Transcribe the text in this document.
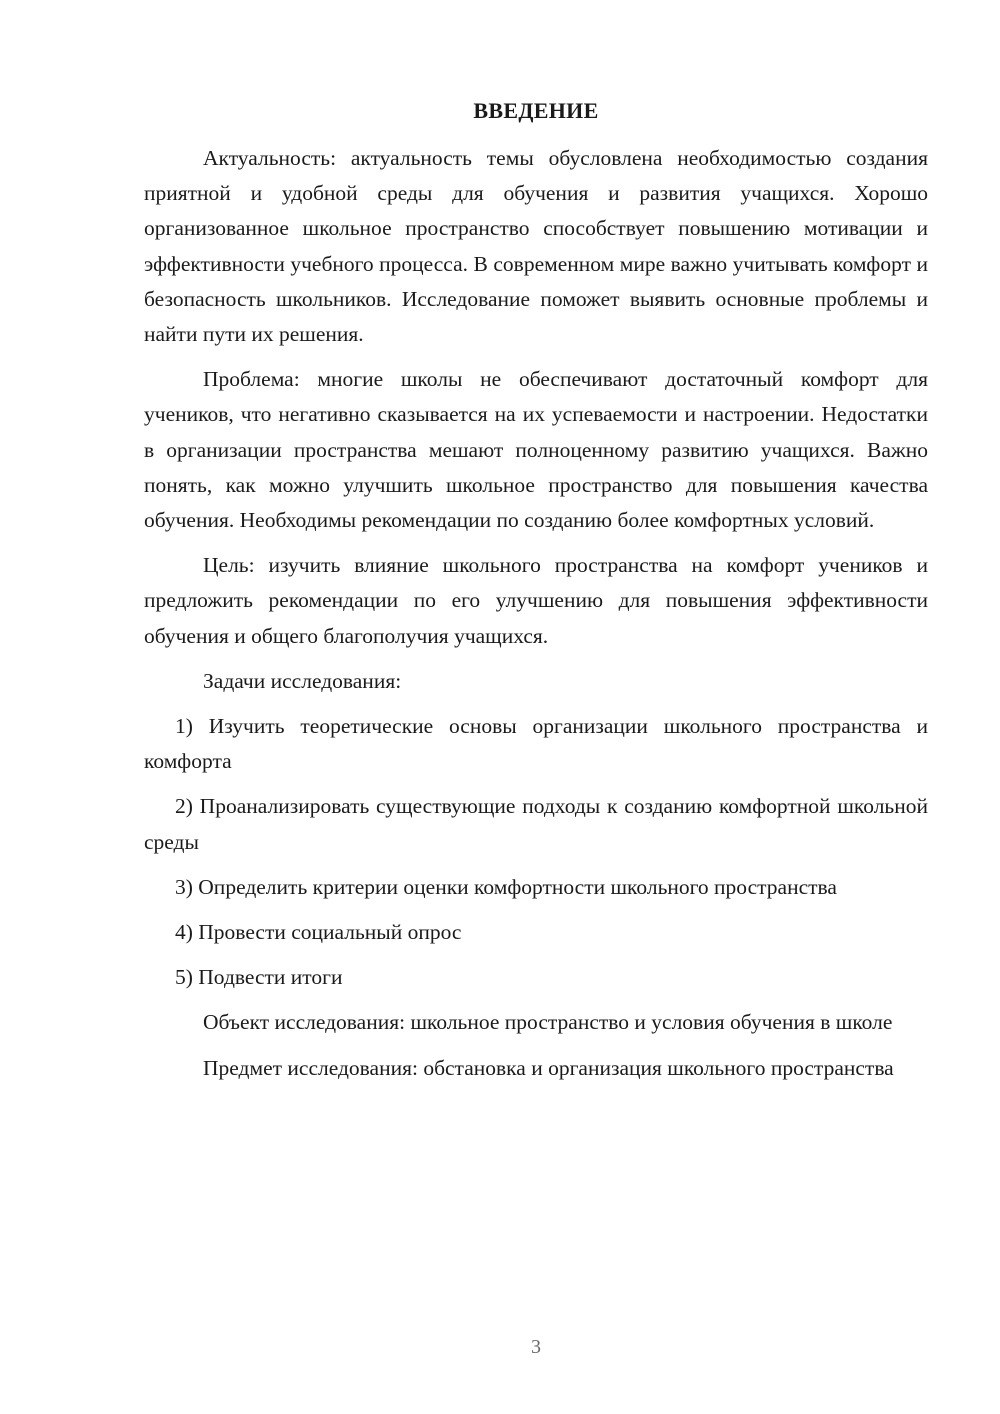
ВВЕДЕНИЕ

Актуальность: актуальность темы обусловлена необходимостью создания приятной и удобной среды для обучения и развития учащихся. Хорошо организованное школьное пространство способствует повышению мотивации и эффективности учебного процесса. В современном мире важно учитывать комфорт и безопасность школьников. Исследование поможет выявить основные проблемы и найти пути их решения.

Проблема: многие школы не обеспечивают достаточный комфорт для учеников, что негативно сказывается на их успеваемости и настроении. Недостатки в организации пространства мешают полноценному развитию учащихся. Важно понять, как можно улучшить школьное пространство для повышения качества обучения. Необходимы рекомендации по созданию более комфортных условий.

Цель: изучить влияние школьного пространства на комфорт учеников и предложить рекомендации по его улучшению для повышения эффективности обучения и общего благополучия учащихся.

Задачи исследования:

1) Изучить теоретические основы организации школьного пространства и комфорта

2) Проанализировать существующие подходы к созданию комфортной школьной среды

3) Определить критерии оценки комфортности школьного пространства

4) Провести социальный опрос

5) Подвести итоги

Объект исследования: школьное пространство и условия обучения в школе

Предмет исследования: обстановка и организация школьного пространства

3
